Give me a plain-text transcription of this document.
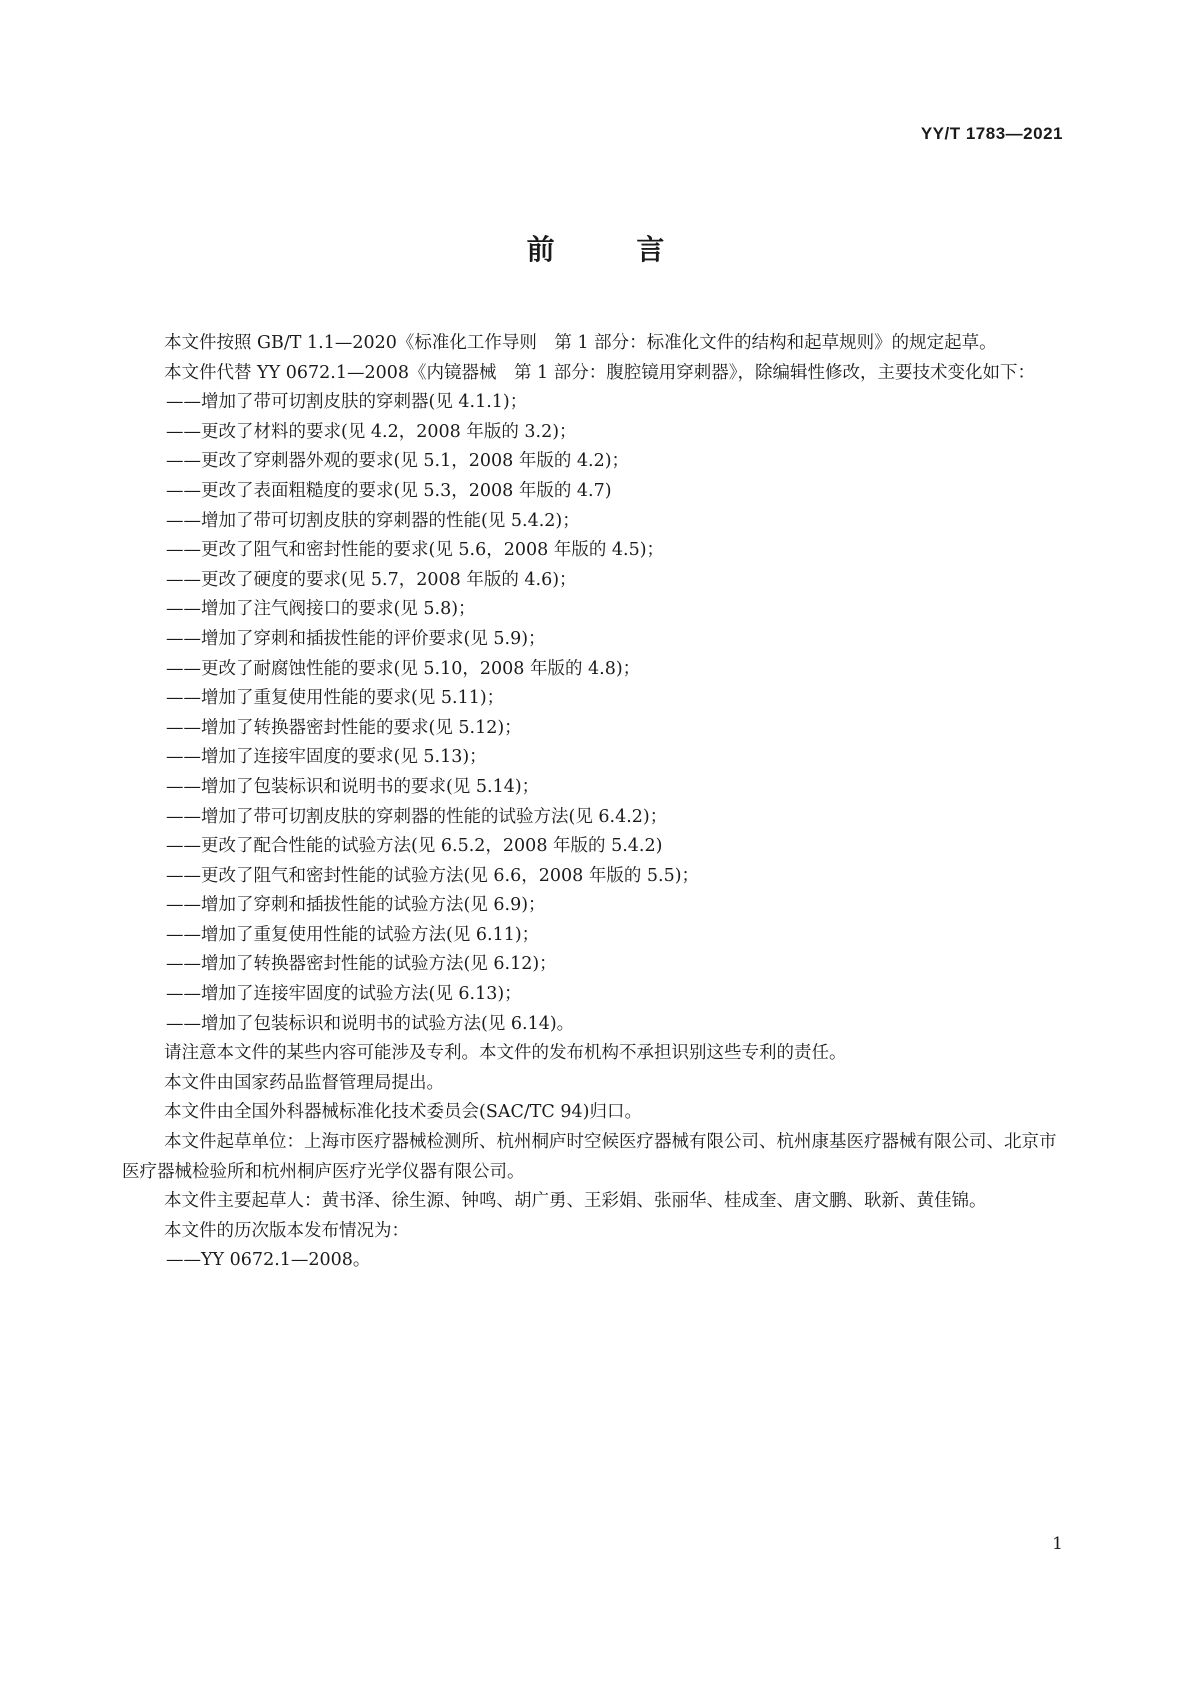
YY/T 1783—2021
前 言

本文件按照 GB/T 1.1—2020《标准化工作导则　第 1 部分：标准化文件的结构和起草规则》的规定起草。

本文件代替 YY 0672.1—2008《内镜器械　第 1 部分：腹腔镜用穿刺器》，除编辑性修改，主要技术变化如下：

——增加了带可切割皮肤的穿刺器(见 4.1.1)；

——更改了材料的要求(见 4.2，2008 年版的 3.2)；

——更改了穿刺器外观的要求(见 5.1，2008 年版的 4.2)；

——更改了表面粗糙度的要求(见 5.3，2008 年版的 4.7)

——增加了带可切割皮肤的穿刺器的性能(见 5.4.2)；

——更改了阻气和密封性能的要求(见 5.6，2008 年版的 4.5)；

——更改了硬度的要求(见 5.7，2008 年版的 4.6)；

——增加了注气阀接口的要求(见 5.8)；

——增加了穿刺和插拔性能的评价要求(见 5.9)；

——更改了耐腐蚀性能的要求(见 5.10，2008 年版的 4.8)；

——增加了重复使用性能的要求(见 5.11)；

——增加了转换器密封性能的要求(见 5.12)；

——增加了连接牢固度的要求(见 5.13)；

——增加了包装标识和说明书的要求(见 5.14)；

——增加了带可切割皮肤的穿刺器的性能的试验方法(见 6.4.2)；

——更改了配合性能的试验方法(见 6.5.2，2008 年版的 5.4.2)

——更改了阻气和密封性能的试验方法(见 6.6，2008 年版的 5.5)；

——增加了穿刺和插拔性能的试验方法(见 6.9)；

——增加了重复使用性能的试验方法(见 6.11)；

——增加了转换器密封性能的试验方法(见 6.12)；

——增加了连接牢固度的试验方法(见 6.13)；

——增加了包装标识和说明书的试验方法(见 6.14)。

请注意本文件的某些内容可能涉及专利。本文件的发布机构不承担识别这些专利的责任。

本文件由国家药品监督管理局提出。

本文件由全国外科器械标准化技术委员会(SAC/TC 94)归口。

本文件起草单位：上海市医疗器械检测所、杭州桐庐时空候医疗器械有限公司、杭州康基医疗器械有限公司、北京市医疗器械检验所和杭州桐庐医疗光学仪器有限公司。

本文件主要起草人：黄书泽、徐生源、钟鸣、胡广勇、王彩娟、张丽华、桂成奎、唐文鹏、耿新、黄佳锦。

本文件的历次版本发布情况为：

——YY 0672.1—2008。

1
